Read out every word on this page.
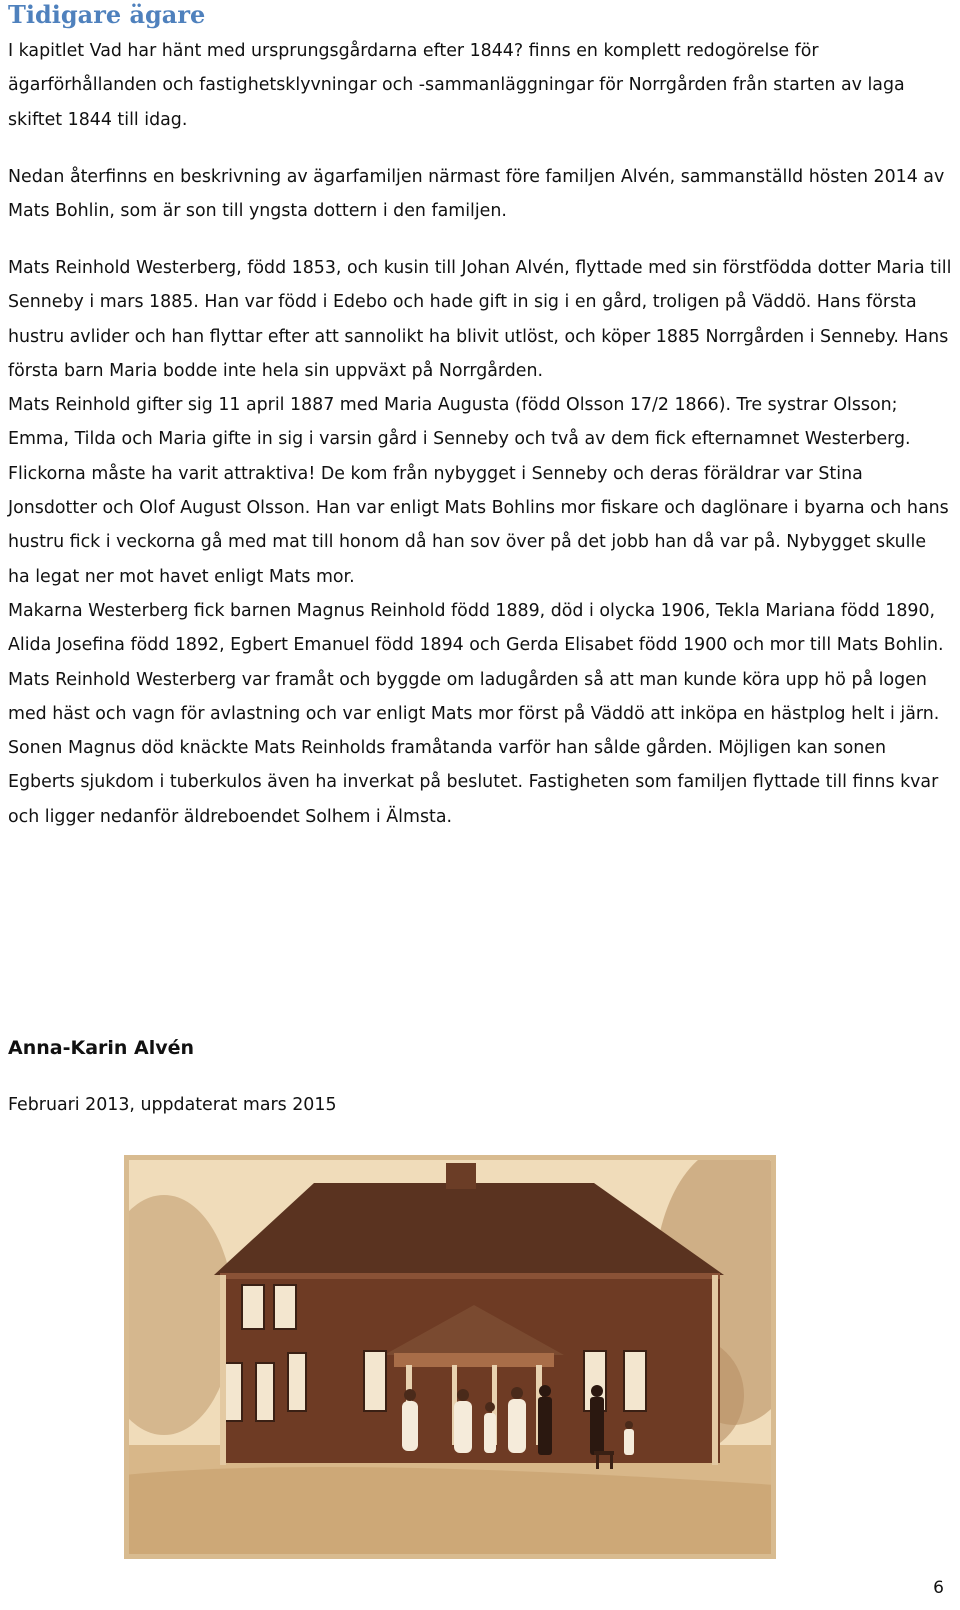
Tidigare ägare

I kapitlet Vad har hänt med ursprungsgårdarna efter 1844? finns en komplett redogörelse för ägarförhållanden och fastighetsklyvningar och -sammanläggningar för Norrgården från starten av laga skiftet 1844 till idag.

Nedan återfinns en beskrivning av ägarfamiljen närmast före familjen Alvén, sammanställd hösten 2014 av Mats Bohlin, som är son till yngsta dottern i den familjen.

Mats Reinhold Westerberg, född 1853, och kusin till Johan Alvén, flyttade med sin förstfödda dotter Maria till Senneby i mars 1885. Han var född i Edebo och hade gift in sig i en gård, troligen på Väddö. Hans första hustru avlider och han flyttar efter att sannolikt ha blivit utlöst, och köper 1885 Norrgården i Senneby. Hans första barn Maria bodde inte hela sin uppväxt på Norrgården.

Mats Reinhold gifter sig 11 april 1887 med Maria Augusta (född Olsson 17/2 1866). Tre systrar Olsson; Emma, Tilda och Maria gifte in sig i varsin gård i Senneby och två av dem fick efternamnet Westerberg. Flickorna måste ha varit attraktiva! De kom från nybygget i Senneby och deras föräldrar var Stina Jonsdotter och Olof August Olsson. Han var enligt Mats Bohlins mor fiskare och daglönare i byarna och hans hustru fick i veckorna gå med mat till honom då han sov över på det jobb han då var på. Nybygget skulle ha legat ner mot havet enligt Mats mor.

Makarna Westerberg fick barnen Magnus Reinhold född 1889, död i olycka 1906, Tekla Mariana född 1890, Alida Josefina född 1892, Egbert Emanuel född 1894 och Gerda Elisabet född 1900 och mor till Mats Bohlin.

Mats Reinhold Westerberg var framåt och byggde om ladugården så att man kunde köra upp hö på logen med häst och vagn för avlastning och var enligt Mats mor först på Väddö att inköpa en hästplog helt i järn.

Sonen Magnus död knäckte Mats Reinholds framåtanda varför han sålde gården. Möjligen kan sonen Egberts sjukdom i tuberkulos även ha inverkat på beslutet. Fastigheten som familjen flyttade till finns kvar och ligger nedanför äldreboendet Solhem i Älmsta.

Anna-Karin Alvén

Februari 2013, uppdaterat mars 2015

6
